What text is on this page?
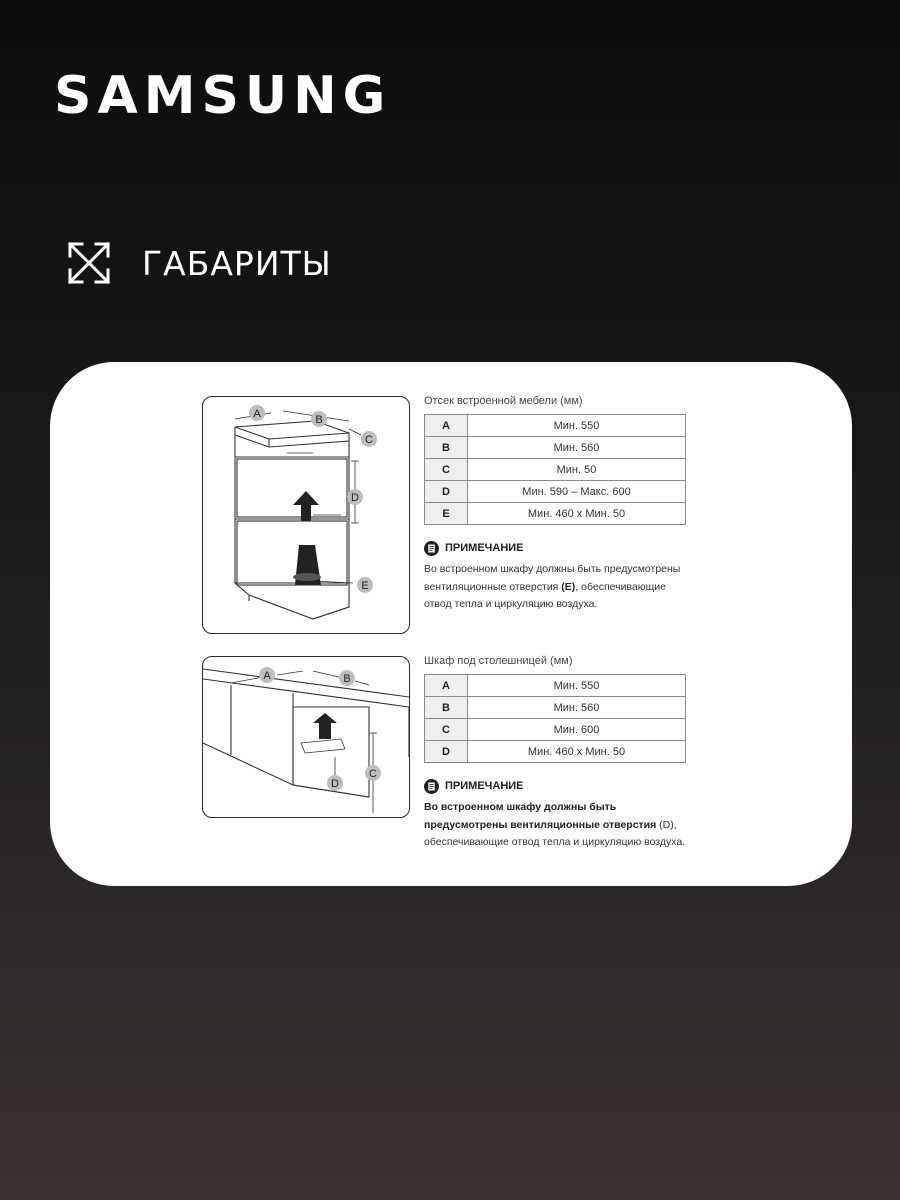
SAMSUNG
ГАБАРИТЫ
A	B
C
D
E
Отсек встроенной мебели (мм)
A	Мин. 550
B	Мин. 560
C	Мин. 50
D	Мин. 590 – Макс. 600
E	Мин. 460 x Мин. 50
ПРИМЕЧАНИЕ
Во встроенном шкафу должны быть предусмотрены вентиляционные отверстия (E), обеспечивающие отвод тепла и циркуляцию воздуха.
A	B
D
C
Шкаф под столешницей (мм)
A	Мин. 550
B	Мин. 560
C	Мин. 600
D	Мин. 460 x Мин. 50
ПРИМЕЧАНИЕ
Во встроенном шкафу должны быть предусмотрены вентиляционные отверстия (D), обеспечивающие отвод тепла и циркуляцию воздуха.
